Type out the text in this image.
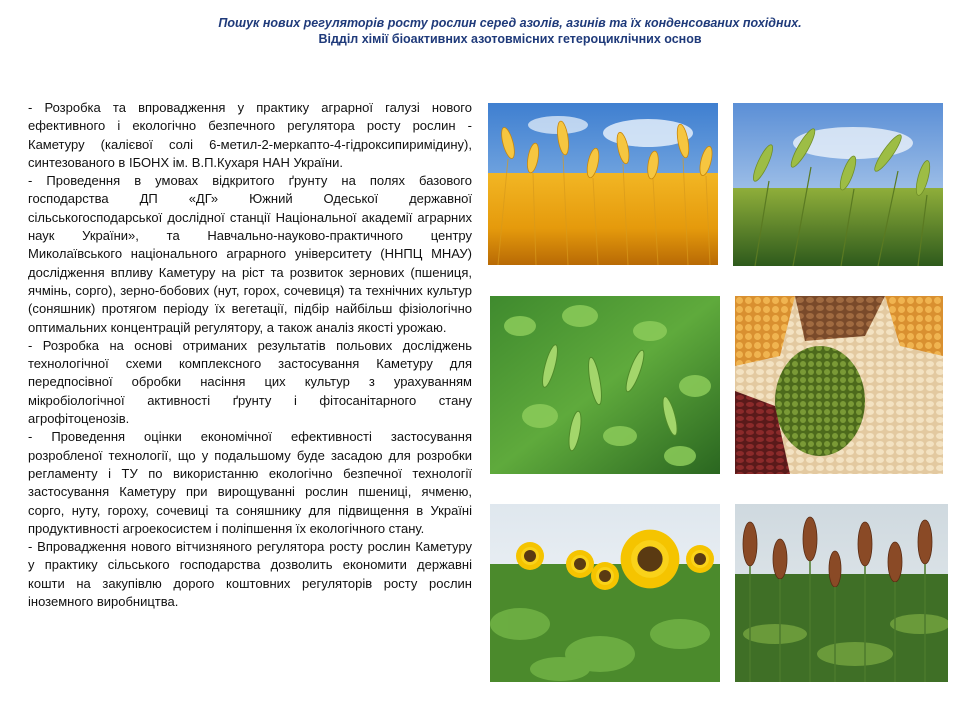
Пошук нових регуляторів росту рослин серед азолів, азинів та їх конденсованих похідних.
Відділ хімії біоактивних азотовмісних гетероциклічних основ

- Розробка та впровадження у практику аграрної галузі нового ефективного і екологічно безпечного регулятора росту рослин - Каметуру (калієвої солі 6-метил-2-меркапто-4-гідроксипиримідину), синтезованого в ІБОНХ ім. В.П.Кухаря НАН України.

- Проведення в умовах відкритого ґрунту на полях базового господарства ДП «ДГ» Южний Одеської державної сільськогосподарської дослідної станції Національної академії аграрних наук України», та Навчально-науково-практичного центру Миколаївського національного аграрного університету (ННПЦ МНАУ) дослідження впливу Каметуру на ріст та розвиток зернових (пшениця, ячмінь, сорго), зерно-бобових (нут, горох, сочевиця) та технічних культур (соняшник) протягом періоду їх вегетації, підбір найбільш фізіологічно оптимальних концентрацій регулятору, а також аналіз якості урожаю.

- Розробка на основі отриманих результатів польових досліджень технологічної схеми комплексного застосування Каметуру для передпосівної обробки насіння цих культур з урахуванням мікробіологічної активності ґрунту і фітосанітарного стану агрофітоценозів.

- Проведення оцінки економічної ефективності застосування розробленої технології, що у подальшому буде засадою для розробки регламенту і ТУ по використанню екологічно безпечної технології застосування Каметуру при вирощуванні рослин пшениці, ячменю, сорго, нуту, гороху, сочевиці та соняшнику для підвищення в Україні продуктивності агроекосистем і поліпшення їх екологічного стану.

- Впровадження нового вітчизняного регулятора росту рослин Каметуру у практику сільського господарства дозволить економити державні кошти на закупівлю дорого коштовних регуляторів росту рослин іноземного виробництва.
